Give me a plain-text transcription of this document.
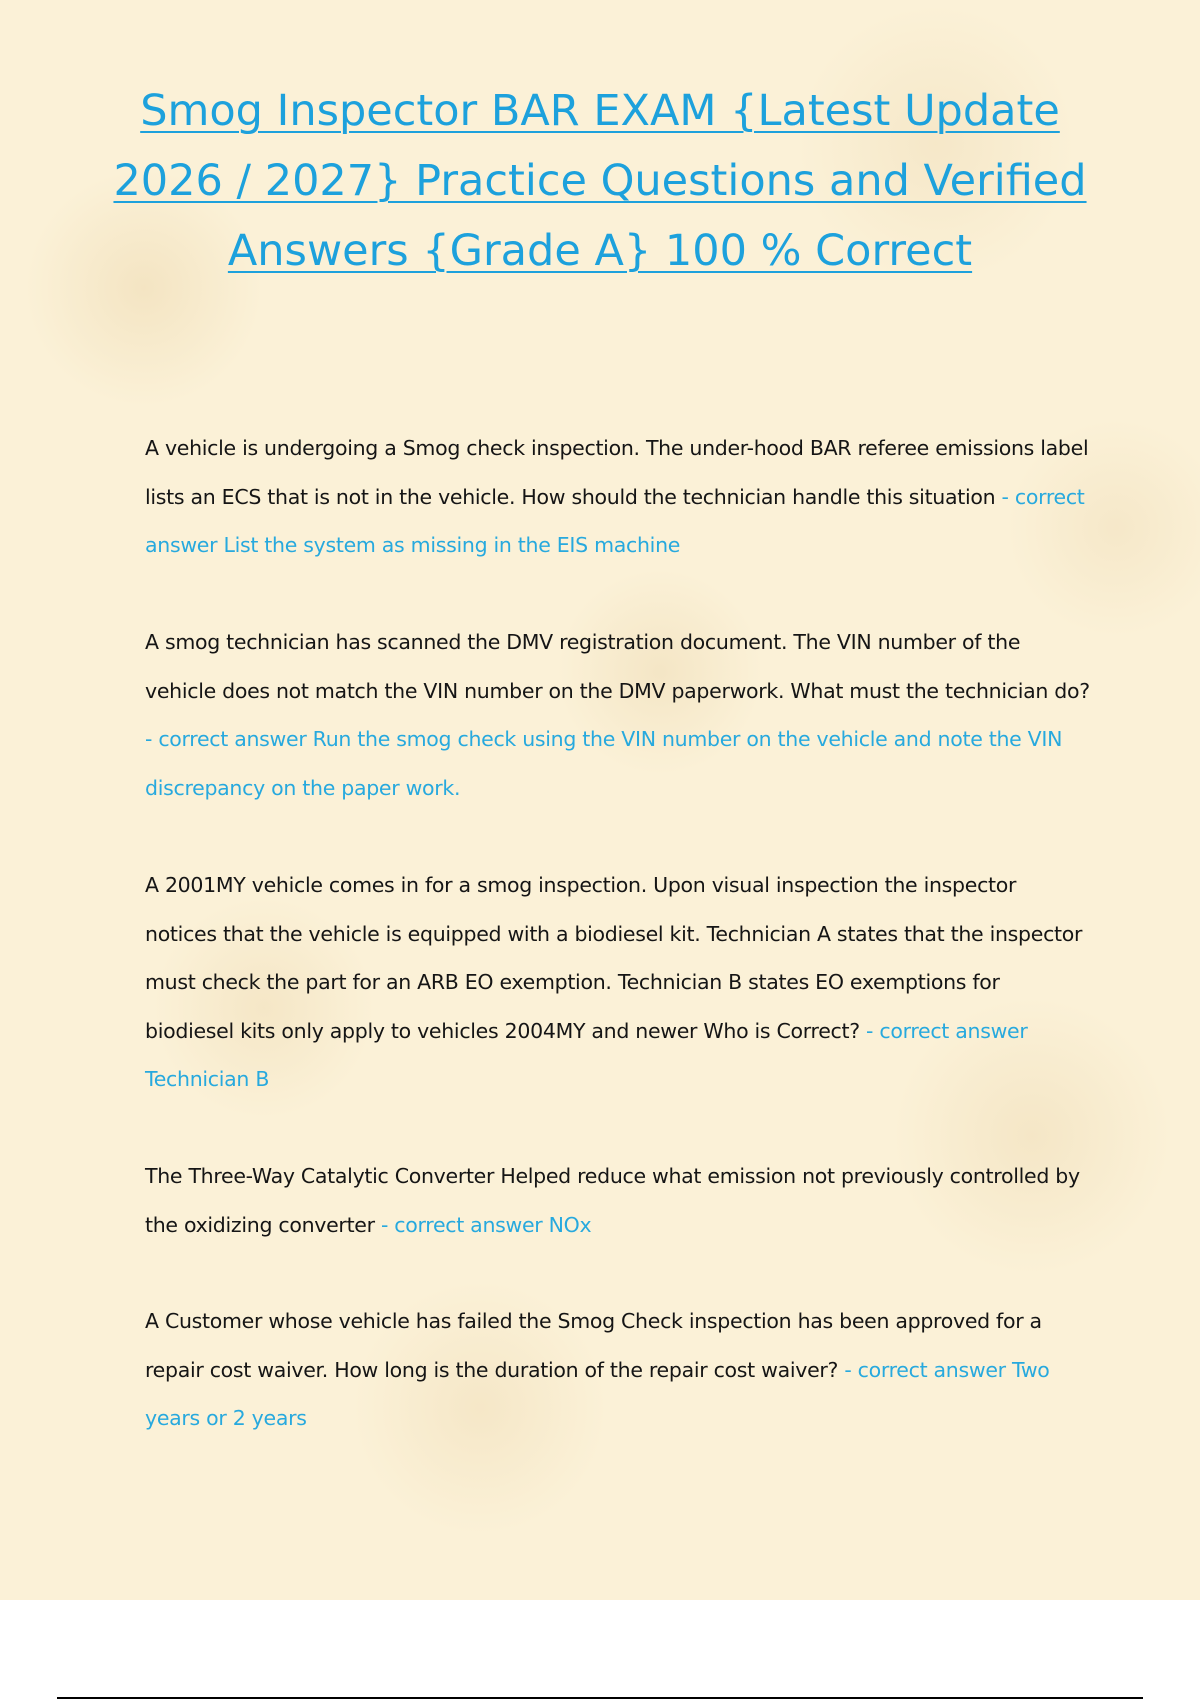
Smog Inspector BAR EXAM {Latest Update 2026 / 2027} Practice Questions and Verified Answers {Grade A} 100 % Correct

A vehicle is undergoing a Smog check inspection. The under-hood BAR referee emissions label lists an ECS that is not in the vehicle. How should the technician handle this situation - correct answer List the system as missing in the EIS machine

A smog technician has scanned the DMV registration document. The VIN number of the vehicle does not match the VIN number on the DMV paperwork. What must the technician do? - correct answer Run the smog check using the VIN number on the vehicle and note the VIN discrepancy on the paper work.

A 2001MY vehicle comes in for a smog inspection. Upon visual inspection the inspector notices that the vehicle is equipped with a biodiesel kit. Technician A states that the inspector must check the part for an ARB EO exemption. Technician B states EO exemptions for biodiesel kits only apply to vehicles 2004MY and newer Who is Correct? - correct answer Technician B

The Three-Way Catalytic Converter Helped reduce what emission not previously controlled by the oxidizing converter - correct answer NOx

A Customer whose vehicle has failed the Smog Check inspection has been approved for a repair cost waiver. How long is the duration of the repair cost waiver? - correct answer Two years or 2 years
